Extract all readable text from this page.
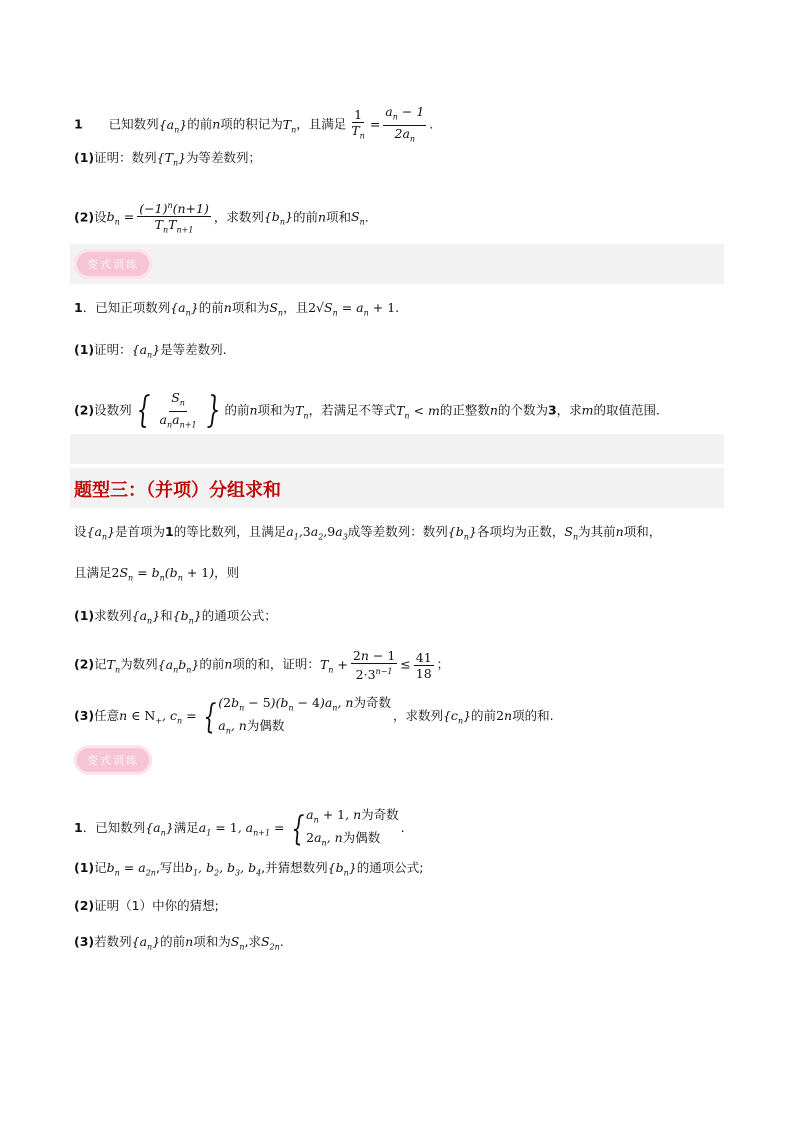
1 已知数列$\{a_n\}$的前n项的积记为$T_n$，且满足 $\frac{1}{T_n} = \frac{a_n - 1}{2a_n}$ .
(1)证明：数列$\{T_n\}$为等差数列；
(2)设$b_n = \frac{(-1)^n(n+1)}{T_nT_{n+1}}$ ，求数列$\{b_n\}$的前n项和$S_n$.
变式训练
1．已知正项数列$\{a_n\}$的前n项和为$S_n$，且$2√S_n = a_n + 1$.
(1)证明：$\{a_n\}$是等差数列.
(2)设数列 { $\frac{S_n}{a_na_{n+1}}$ } 的前n项和为$T_n$，若满足不等式$T_n < m$的正整数n的个数为3，求m的取值范围.
题型三：（并项）分组求和
设$\{a_n\}$是首项为1的等比数列，且满足$a_1,3a_2,9a_3$成等差数列：数列$\{b_n\}$各项均为正数，$S_n$为其前n项和，
且满足$2S_n = b_n(b_n + 1)$，则
(1)求数列$\{a_n\}$和$\{b_n\}$的通项公式；
(2)记$T_n$为数列$\{a_nb_n\}$的前n项的和，证明：$T_n + \frac{2n - 1}{2\cdot 3^{n-1}} \le \frac{41}{18}$ ；
(3)任意n ∈ $N_+$, $c_n$ = { $(2b_n - 5)(b_n - 4)a_n$, n为奇数
$a_n$, n为偶数
，求数列$\{c_n\}$的前2n项的和.
变式训练
1．已知数列$\{a_n\}$满足$a_1 = 1$, $a_{n+1}$ = { $a_n + 1$, n为奇数
$2a_n$, n为偶数
.
(1)记$b_n = a_{2n}$,写出$b_1$, $b_2$, $b_3$, $b_4$,并猜想数列$\{b_n\}$的通项公式;
(2)证明（1）中你的猜想;
(3)若数列$\{a_n\}$的前n项和为$S_n$,求$S_{2n}$.
